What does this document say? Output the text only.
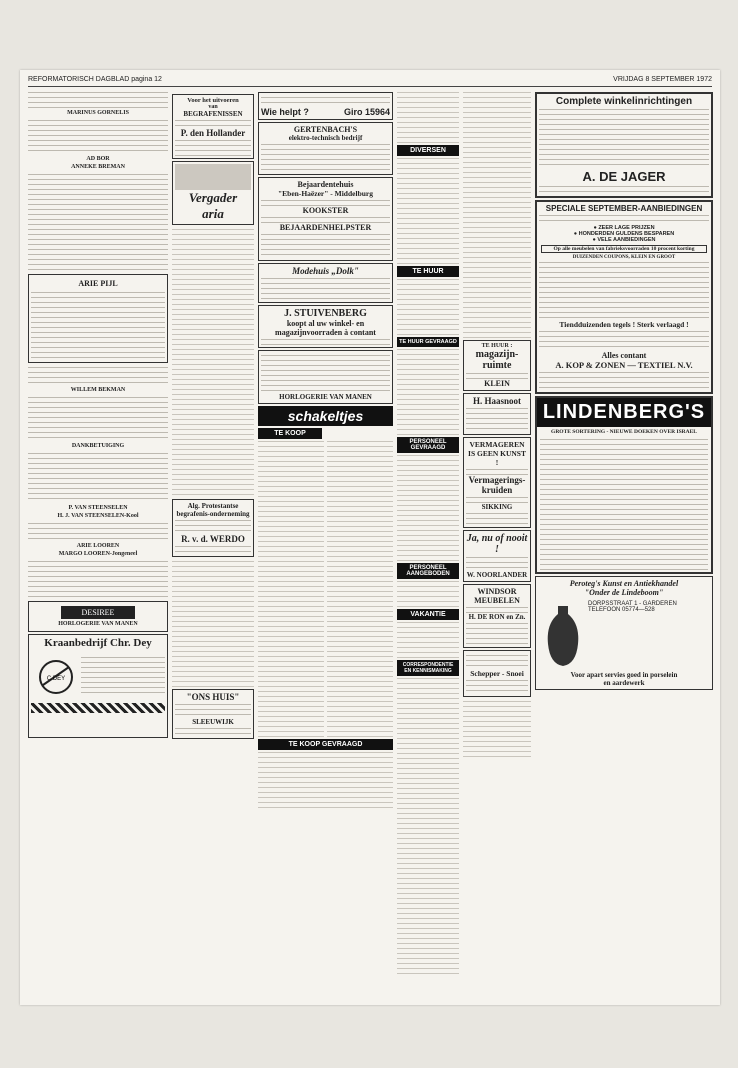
REFORMATORISCH DAGBLAD pagina 12	VRIJDAG 8 SEPTEMBER 1972
MARINUS GORNELIS
AD BOR
ANNEKE BREMAN
ARIE PIJL
WILLEM BEKMAN
DANKBETUIGING
P. VAN STEENSELEN
H. J. VAN STEENSELEN-Kool
ARIE LOOREN
MARGO LOOREN-Jongeneel
DESIREE
HORLOGERIE VAN MANEN
Kraanbedrijf Chr. Dey
C.DEY
Voor het uitvoeren
van
BEGRAFENISSEN
P. den Hollander
Vergader
aria
Alg. Protestantse begrafenis-onderneming
R. v. d. WERDO
"ONS HUIS"
SLEEUWIJK
Wie helpt ?	Giro 15964
GERTENBACH'S
elektro-technisch bedrijf
Bejaardentehuis
"Eben-Haëzer" - Middelburg
KOOKSTER
BEJAARDENHELPSTER
Modehuis „Dolk"
J. STUIVENBERG
koopt al uw winkel- en
magazijnvoorraden à contant
HORLOGERIE VAN MANEN
schakeltjes
TE KOOP
TE KOOP GEVRAAGD
DIVERSEN
TE HUUR
TE HUUR GEVRAAGD
PERSONEEL GEVRAAGD
PERSONEEL AANGEBODEN
VAKANTIE
CORRESPONDENTIE EN KENNISMAKING
TE HUUR :
magazijn-ruimte
KLEIN
H. Haasnoot
VERMAGEREN IS GEEN KUNST !
Vermagerings-kruiden
SIKKING
Ja, nu of nooit !
W. NOORLANDER
WINDSOR MEUBELEN
H. DE RON en Zn.
Schepper - Snoei
Complete winkelinrichtingen
A. DE JAGER
SPECIALE SEPTEMBER-AANBIEDINGEN
● ZEER LAGE PRIJZEN
● HONDERDEN GULDENS BESPAREN
● VELE AANBIEDINGEN
Op alle meubelen van fabrieksvoorraden 10 procent korting
DUIZENDEN COUPONS, KLEIN EN GROOT
Tiendduizenden tegels ! Sterk verlaagd !
Alles contant
A. KOP & ZONEN — TEXTIEL N.V.
LINDENBERG'S
GROTE SORTERING - NIEUWE DOEKEN OVER ISRAEL
Peroteg's Kunst en Antiekhandel
"Onder de Lindeboom"
DORPSSTRAAT 1 - GARDEREN
TELEFOON 05774—528
Voor apart servies goed in porselein
en aardewerk
